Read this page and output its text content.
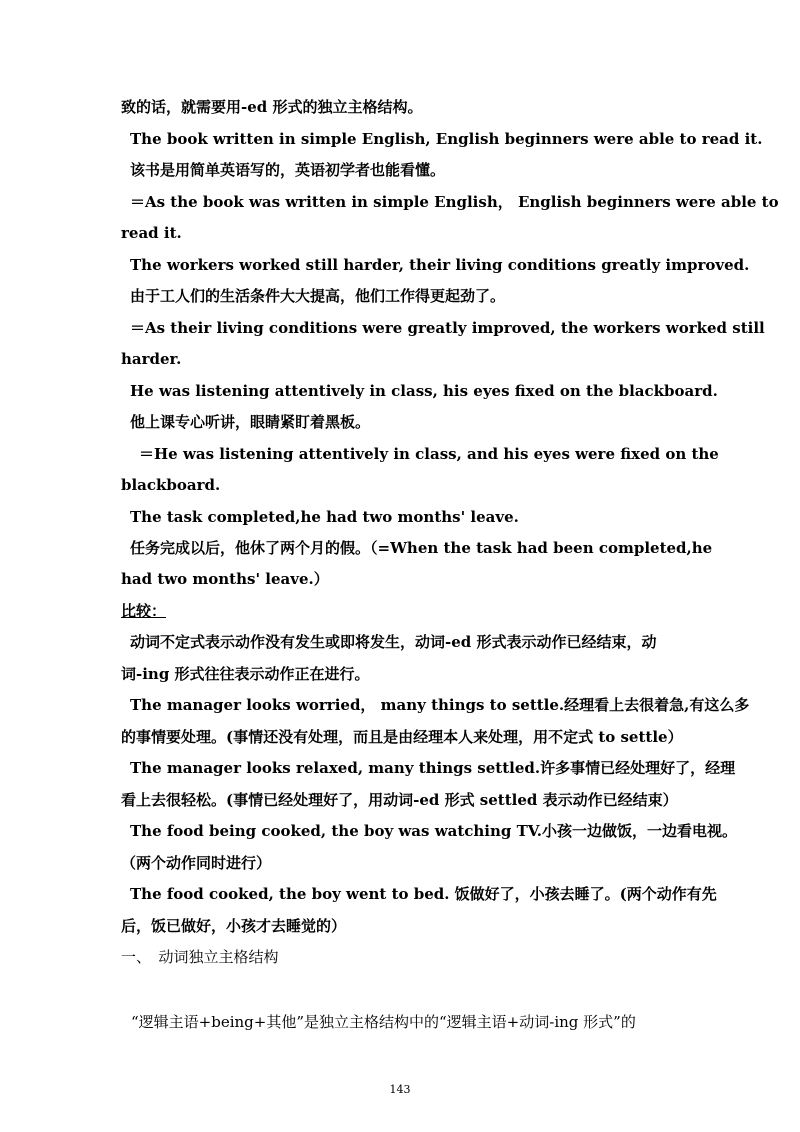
致的话，就需要用-ed 形式的独立主格结构。
The book written in simple English, English beginners were able to read it.
该书是用简单英语写的，英语初学者也能看懂。
＝As the book was written in simple English， English beginners were able to
read it.
The workers worked still harder, their living conditions greatly improved.
由于工人们的生活条件大大提高，他们工作得更起劲了。
＝As their living conditions were greatly improved, the workers worked still
harder.
He was listening attentively in class, his eyes fixed on the blackboard.
他上课专心听讲，眼睛紧盯着黑板。
＝He was listening attentively in class, and his eyes were fixed on the
blackboard.
The task completed,he had two months' leave.
任务完成以后，他休了两个月的假。（=When the task had been completed,he
had two months' leave.）
比较：
动词不定式表示动作没有发生或即将发生，动词-ed 形式表示动作已经结束，动
词-ing 形式往往表示动作正在进行。
The manager looks worried， many things to settle.经理看上去很着急,有这么多
的事情要处理。(事情还没有处理，而且是由经理本人来处理，用不定式 to settle）
The manager looks relaxed, many things settled.许多事情已经处理好了，经理
看上去很轻松。(事情已经处理好了，用动词-ed 形式 settled 表示动作已经结束）
The food being cooked, the boy was watching TV.小孩一边做饭，一边看电视。
（两个动作同时进行）
The food cooked, the boy went to bed. 饭做好了，小孩去睡了。(两个动作有先
后，饭已做好，小孩才去睡觉的）
一、　动词独立主格结构
“逻辑主语+being+其他”是独立主格结构中的“逻辑主语+动词-ing 形式”的
143
